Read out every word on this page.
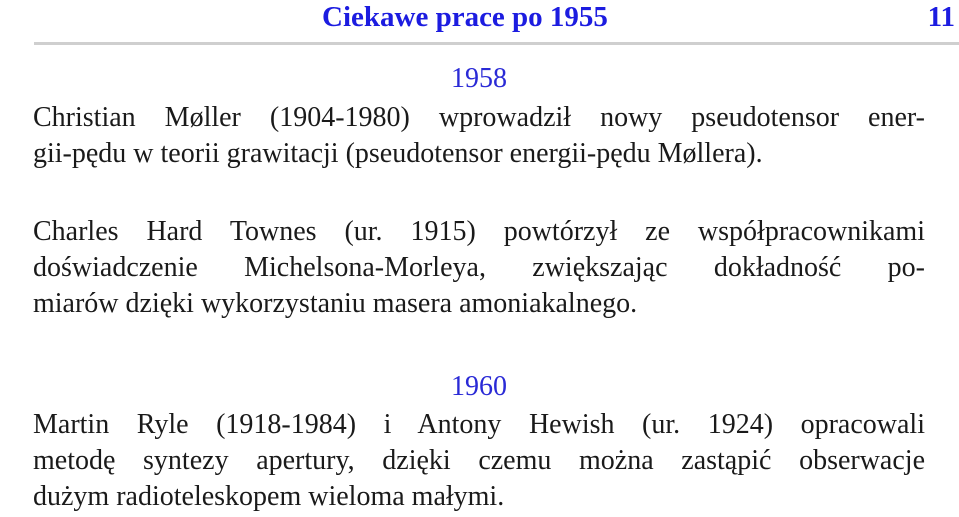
Ciekawe prace po 1955	11
1958
Christian Møller (1904-1980) wprowadził nowy pseudotensor ener-
gii-pędu w teorii grawitacji (pseudotensor energii-pędu Møllera).
Charles Hard Townes (ur. 1915) powtórzył ze współpracownikami
doświadczenie Michelsona-Morleya, zwiększając dokładność po-
miarów dzięki wykorzystaniu masera amoniakalnego.
1960
Martin Ryle (1918-1984) i Antony Hewish (ur. 1924) opracowali
metodę syntezy apertury, dzięki czemu można zastąpić obserwacje
dużym radioteleskopem wieloma małymi.
